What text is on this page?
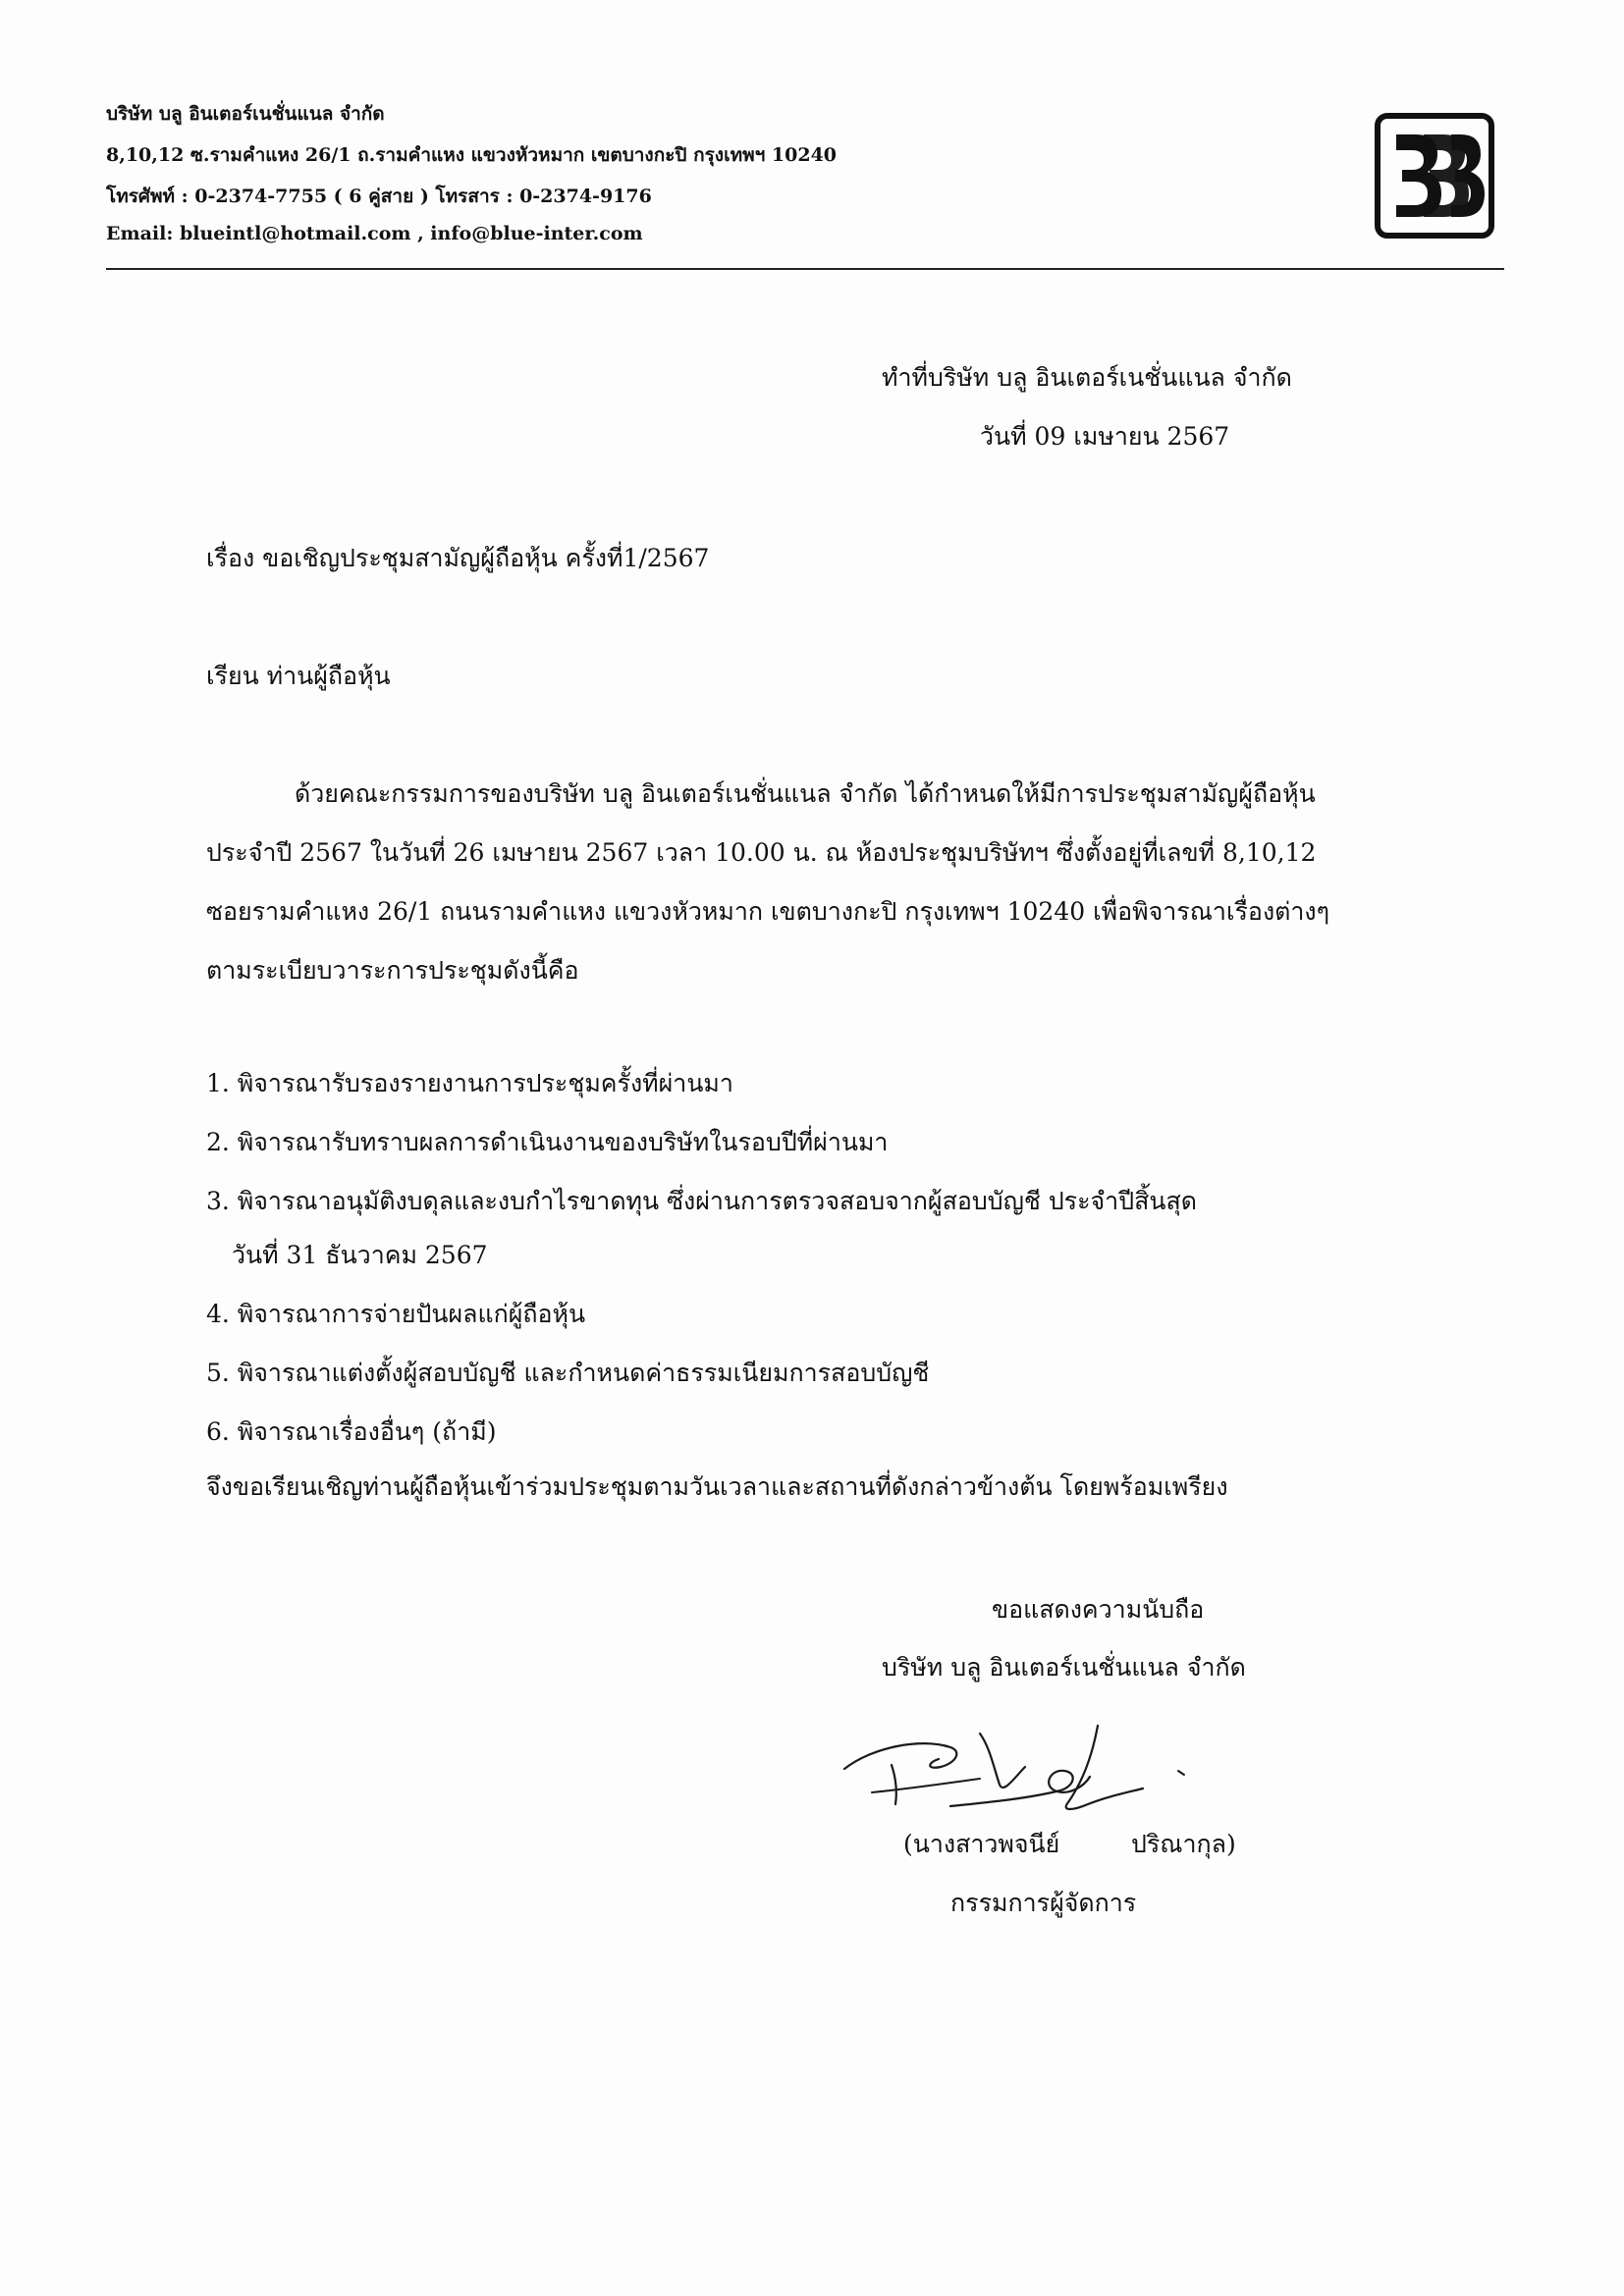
บริษัท บลู อินเตอร์เนชั่นแนล จำกัด
8,10,12 ซ.รามคำแหง 26/1 ถ.รามคำแหง แขวงหัวหมาก เขตบางกะปิ กรุงเทพฯ 10240
โทรศัพท์ : 0-2374-7755 ( 6 คู่สาย ) โทรสาร : 0-2374-9176
Email: blueintl@hotmail.com , info@blue-inter.com
ทำที่บริษัท บลู อินเตอร์เนชั่นแนล จำกัด
วันที่ 09 เมษายน 2567
เรื่อง ขอเชิญประชุมสามัญผู้ถือหุ้น ครั้งที่1/2567
เรียน ท่านผู้ถือหุ้น
ด้วยคณะกรรมการของบริษัท บลู อินเตอร์เนชั่นแนล จำกัด ได้กำหนดให้มีการประชุมสามัญผู้ถือหุ้น
ประจำปี 2567 ในวันที่ 26 เมษายน 2567 เวลา 10.00 น. ณ ห้องประชุมบริษัทฯ ซึ่งตั้งอยู่ที่เลขที่ 8,10,12
ซอยรามคำแหง 26/1 ถนนรามคำแหง แขวงหัวหมาก เขตบางกะปิ กรุงเทพฯ 10240 เพื่อพิจารณาเรื่องต่างๆ
ตามระเบียบวาระการประชุมดังนี้คือ
1. พิจารณารับรองรายงานการประชุมครั้งที่ผ่านมา
2. พิจารณารับทราบผลการดำเนินงานของบริษัทในรอบปีที่ผ่านมา
3. พิจารณาอนุมัติงบดุลและงบกำไรขาดทุน ซึ่งผ่านการตรวจสอบจากผู้สอบบัญชี ประจำปีสิ้นสุด
วันที่ 31 ธันวาคม 2567
4. พิจารณาการจ่ายปันผลแก่ผู้ถือหุ้น
5. พิจารณาแต่งตั้งผู้สอบบัญชี และกำหนดค่าธรรมเนียมการสอบบัญชี
6. พิจารณาเรื่องอื่นๆ (ถ้ามี)
จึงขอเรียนเชิญท่านผู้ถือหุ้นเข้าร่วมประชุมตามวันเวลาและสถานที่ดังกล่าวข้างต้น โดยพร้อมเพรียง
ขอแสดงความนับถือ
บริษัท บลู อินเตอร์เนชั่นแนล จำกัด
(นางสาวพจนีย์	ปริณากุล)
กรรมการผู้จัดการ
